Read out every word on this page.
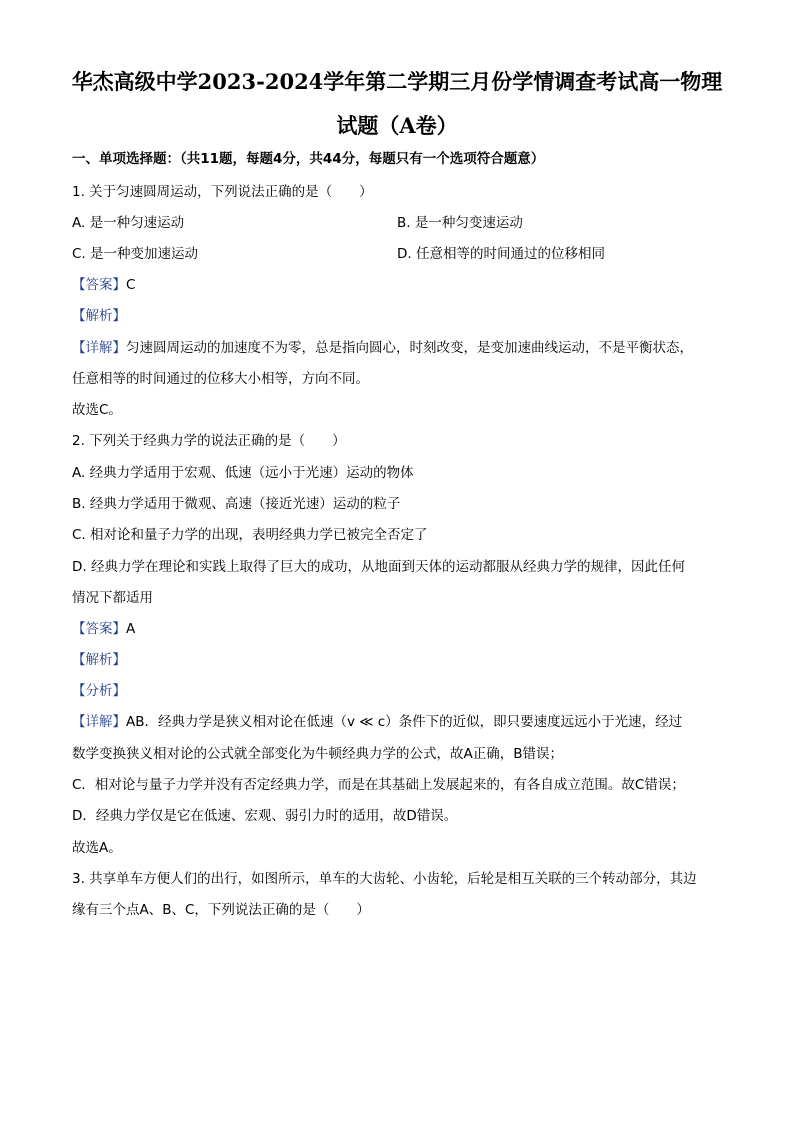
华杰高级中学2023-2024学年第二学期三月份学情调查考试高一物理
试题（A卷）
一、单项选择题：（共11题，每题4分，共44分，每题只有一个选项符合题意）
1. 关于匀速圆周运动，下列说法正确的是（　　）
A. 是一种匀速运动	B. 是一种匀变速运动
C. 是一种变加速运动	D. 任意相等的时间通过的位移相同
【答案】C
【解析】
【详解】匀速圆周运动的加速度不为零，总是指向圆心，时刻改变，是变加速曲线运动，不是平衡状态，
任意相等的时间通过的位移大小相等，方向不同。
故选C。
2. 下列关于经典力学的说法正确的是（　　）
A. 经典力学适用于宏观、低速（远小于光速）运动的物体
B. 经典力学适用于微观、高速（接近光速）运动的粒子
C. 相对论和量子力学的出现，表明经典力学已被完全否定了
D. 经典力学在理论和实践上取得了巨大的成功，从地面到天体的运动都服从经典力学的规律，因此任何
情况下都适用
【答案】A
【解析】
【分析】
【详解】AB．经典力学是狭义相对论在低速（v ≪ c）条件下的近似，即只要速度远远小于光速，经过
数学变换狭义相对论的公式就全部变化为牛顿经典力学的公式，故A正确，B错误；
C．相对论与量子力学并没有否定经典力学，而是在其基础上发展起来的，有各自成立范围。故C错误；
D．经典力学仅是它在低速、宏观、弱引力时的适用，故D错误。
故选A。
3. 共享单车方便人们的出行，如图所示，单车的大齿轮、小齿轮，后轮是相互关联的三个转动部分，其边
缘有三个点A、B、C，下列说法正确的是（　　）
